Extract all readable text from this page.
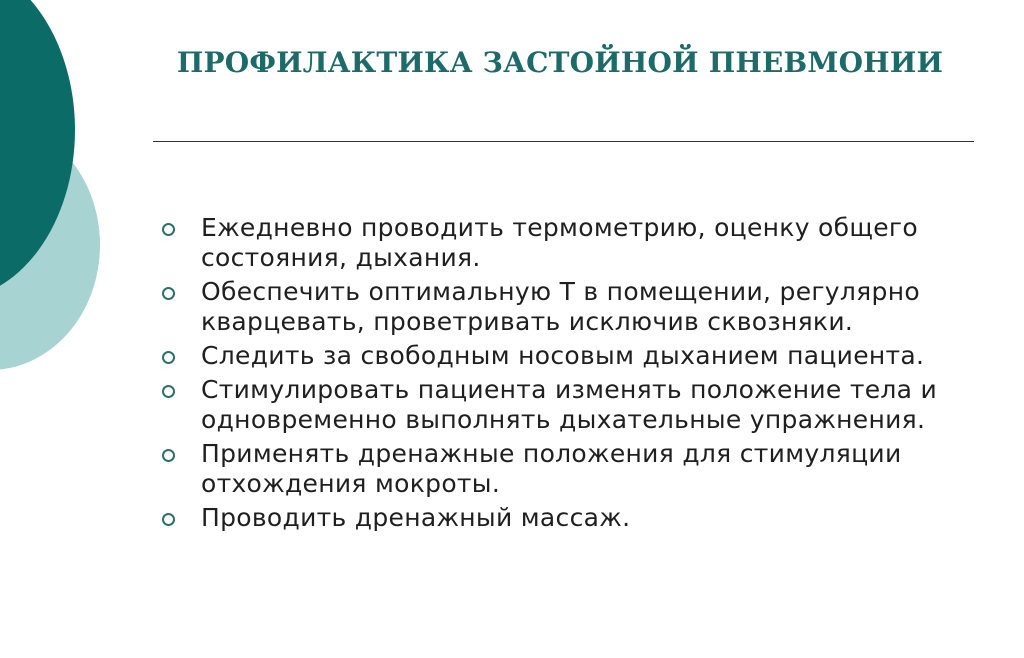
ПРОФИЛАКТИКА ЗАСТОЙНОЙ ПНЕВМОНИИ
Ежедневно проводить термометрию, оценку общего состояния, дыхания.
Обеспечить оптимальную Т в помещении, регулярно кварцевать, проветривать исключив сквозняки.
Следить за свободным носовым дыханием пациента.
Стимулировать пациента изменять положение тела и одновременно выполнять дыхательные упражнения.
Применять дренажные положения для стимуляции отхождения мокроты.
Проводить дренажный массаж.
